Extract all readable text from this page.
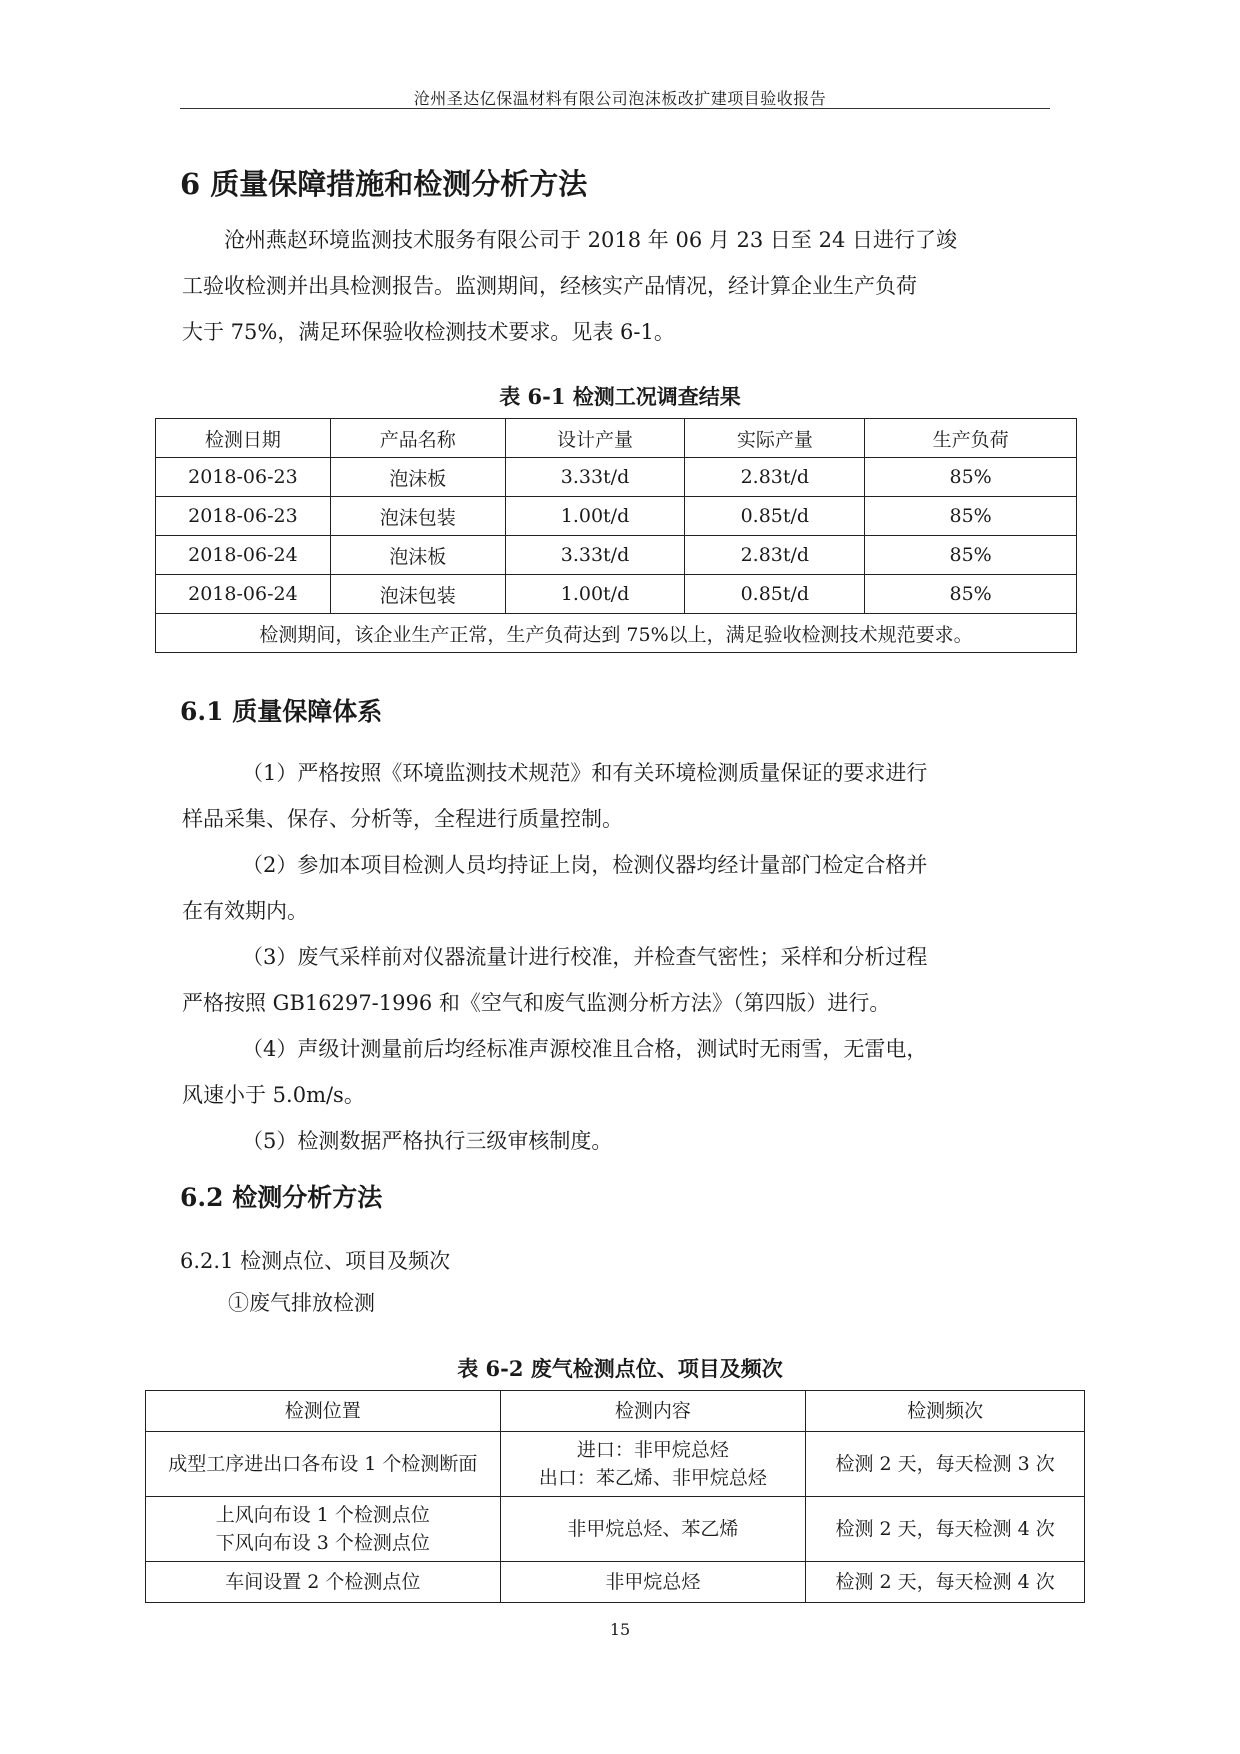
沧州圣达亿保温材料有限公司泡沫板改扩建项目验收报告
6 质量保障措施和检测分析方法
沧州燕赵环境监测技术服务有限公司于 2018 年 06 月 23 日至 24 日进行了竣
工验收检测并出具检测报告。监测期间，经核实产品情况，经计算企业生产负荷
大于 75%，满足环保验收检测技术要求。见表 6-1。
表 6-1 检测工况调查结果
检测日期	产品名称	设计产量	实际产量	生产负荷
2018-06-23	泡沫板	3.33t/d	2.83t/d	85%
2018-06-23	泡沫包装	1.00t/d	0.85t/d	85%
2018-06-24	泡沫板	3.33t/d	2.83t/d	85%
2018-06-24	泡沫包装	1.00t/d	0.85t/d	85%
检测期间，该企业生产正常，生产负荷达到 75%以上，满足验收检测技术规范要求。				
6.1 质量保障体系
（1）严格按照《环境监测技术规范》和有关环境检测质量保证的要求进行
样品采集、保存、分析等，全程进行质量控制。
（2）参加本项目检测人员均持证上岗，检测仪器均经计量部门检定合格并
在有效期内。
（3）废气采样前对仪器流量计进行校准，并检查气密性；采样和分析过程
严格按照 GB16297-1996 和《空气和废气监测分析方法》（第四版）进行。
（4）声级计测量前后均经标准声源校准且合格，测试时无雨雪，无雷电，
风速小于 5.0m/s。
（5）检测数据严格执行三级审核制度。
6.2 检测分析方法
6.2.1 检测点位、项目及频次
①废气排放检测
表 6-2 废气检测点位、项目及频次
检测位置	检测内容	检测频次

成型工序进出口各布设 1 个检测断面	进口：非甲烷总烃
出口：苯乙烯、非甲烷总烃	检测 2 天，每天检测 3 次

上风向布设 1 个检测点位
下风向布设 3 个检测点位	非甲烷总烃、苯乙烯	检测 2 天，每天检测 4 次

车间设置 2 个检测点位	非甲烷总烃	检测 2 天，每天检测 4 次
15
